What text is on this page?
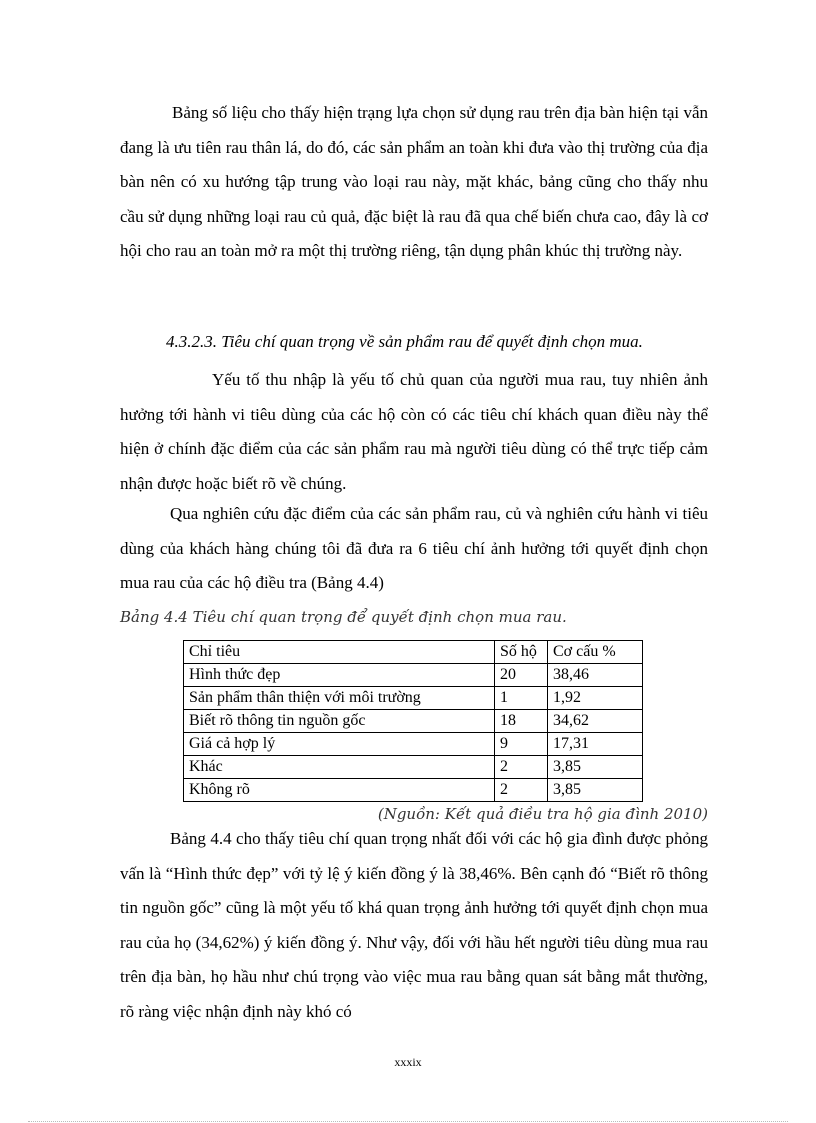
Bảng số liệu cho thấy hiện trạng lựa chọn sử dụng rau trên địa bàn hiện tại vẫn đang là ưu tiên rau thân lá, do đó, các sản phẩm an toàn khi đưa vào thị trường của địa bàn nên có xu hướng tập trung vào loại rau này, mặt khác, bảng cũng cho thấy nhu cầu sử dụng những loại rau củ quả, đặc biệt là rau đã qua chế biến chưa cao, đây là cơ hội cho rau an toàn mở ra một thị trường riêng, tận dụng phân khúc thị trường này.

4.3.2.3. Tiêu chí quan trọng về sản phẩm rau để quyết định chọn mua.

Yếu tố thu nhập là yếu tố chủ quan của người mua rau, tuy nhiên ảnh hưởng tới hành vi tiêu dùng của các hộ còn có các tiêu chí khách quan điều này thể hiện ở chính đặc điểm của các sản phẩm rau mà người tiêu dùng có thể trực tiếp cảm nhận được hoặc biết rõ về chúng.

Qua nghiên cứu đặc điểm của các sản phẩm rau, củ và nghiên cứu hành vi tiêu dùng của khách hàng chúng tôi đã đưa ra 6 tiêu chí ảnh hưởng tới quyết định chọn mua rau của các hộ điều tra (Bảng 4.4)

Bảng 4.4 Tiêu chí quan trọng để quyết định chọn mua rau.

Chỉ tiêu	Số hộ	Cơ cấu %
Hình thức đẹp	20	38,46
Sản phẩm thân thiện với môi trường	1	1,92
Biết rõ thông tin nguồn gốc	18	34,62
Giá cả hợp lý	9	17,31
Khác	2	3,85
Không rõ	2	3,85

(Nguồn: Kết quả điều tra hộ gia đình 2010)

Bảng 4.4 cho thấy tiêu chí quan trọng nhất đối với các hộ gia đình được phỏng vấn là “Hình thức đẹp” với tỷ lệ ý kiến đồng ý là 38,46%. Bên cạnh đó “Biết rõ thông tin nguồn gốc” cũng là một yếu tố khá quan trọng ảnh hưởng tới quyết định chọn mua rau của họ (34,62%) ý kiến đồng ý. Như vậy, đối với hầu hết người tiêu dùng mua rau trên địa bàn, họ hầu như chú trọng vào việc mua rau bằng quan sát bằng mắt thường, rõ ràng việc nhận định này khó có

xxxix
